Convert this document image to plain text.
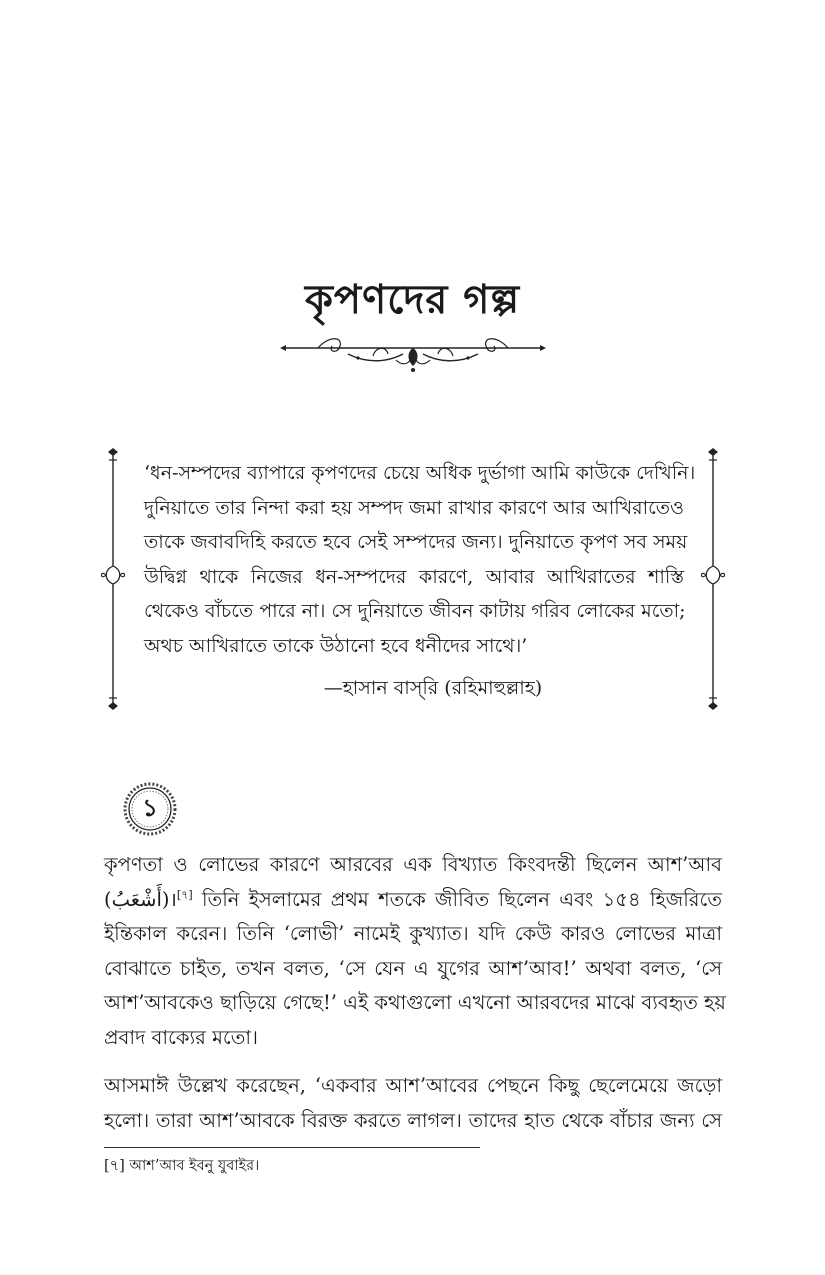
কৃপণদের গল্প
‘ধন-সম্পদের ব্যাপারে কৃপণদের চেয়ে অধিক দুর্ভাগা আমি কাউকে দেখিনি।
দুনিয়াতে তার নিন্দা করা হয় সম্পদ জমা রাখার কারণে আর আখিরাতেও
তাকে জবাবদিহি করতে হবে সেই সম্পদের জন্য। দুনিয়াতে কৃপণ সব সময়
উদ্বিগ্ন থাকে নিজের ধন-সম্পদের কারণে, আবার আখিরাতের শাস্তি
থেকেও বাঁচতে পারে না। সে দুনিয়াতে জীবন কাটায় গরিব লোকের মতো;
অথচ আখিরাতে তাকে উঠানো হবে ধনীদের সাথে।’
—হাসান বাস্‌রি (রহিমাহুল্লাহ)
১
কৃপণতা ও লোভের কারণে আরবের এক বিখ্যাত কিংবদন্তী ছিলেন আশ’আব
(أَشْعَبُ)।[৭] তিনি ইসলামের প্রথম শতকে জীবিত ছিলেন এবং ১৫৪ হিজরিতে
ইন্তিকাল করেন। তিনি ‘লোভী’ নামেই কুখ্যাত। যদি কেউ কারও লোভের মাত্রা
বোঝাতে চাইত, তখন বলত, ‘সে যেন এ যুগের আশ’আব!’ অথবা বলত, ‘সে
আশ’আবকেও ছাড়িয়ে গেছে!’ এই কথাগুলো এখনো আরবদের মাঝে ব্যবহৃত হয়
প্রবাদ বাক্যের মতো।
আসমাঈ উল্লেখ করেছেন, ‘একবার আশ’আবের পেছনে কিছু ছেলেমেয়ে জড়ো
হলো। তারা আশ’আবকে বিরক্ত করতে লাগল। তাদের হাত থেকে বাঁচার জন্য সে
[৭] আশ’আব ইবনু যুবাইর।
